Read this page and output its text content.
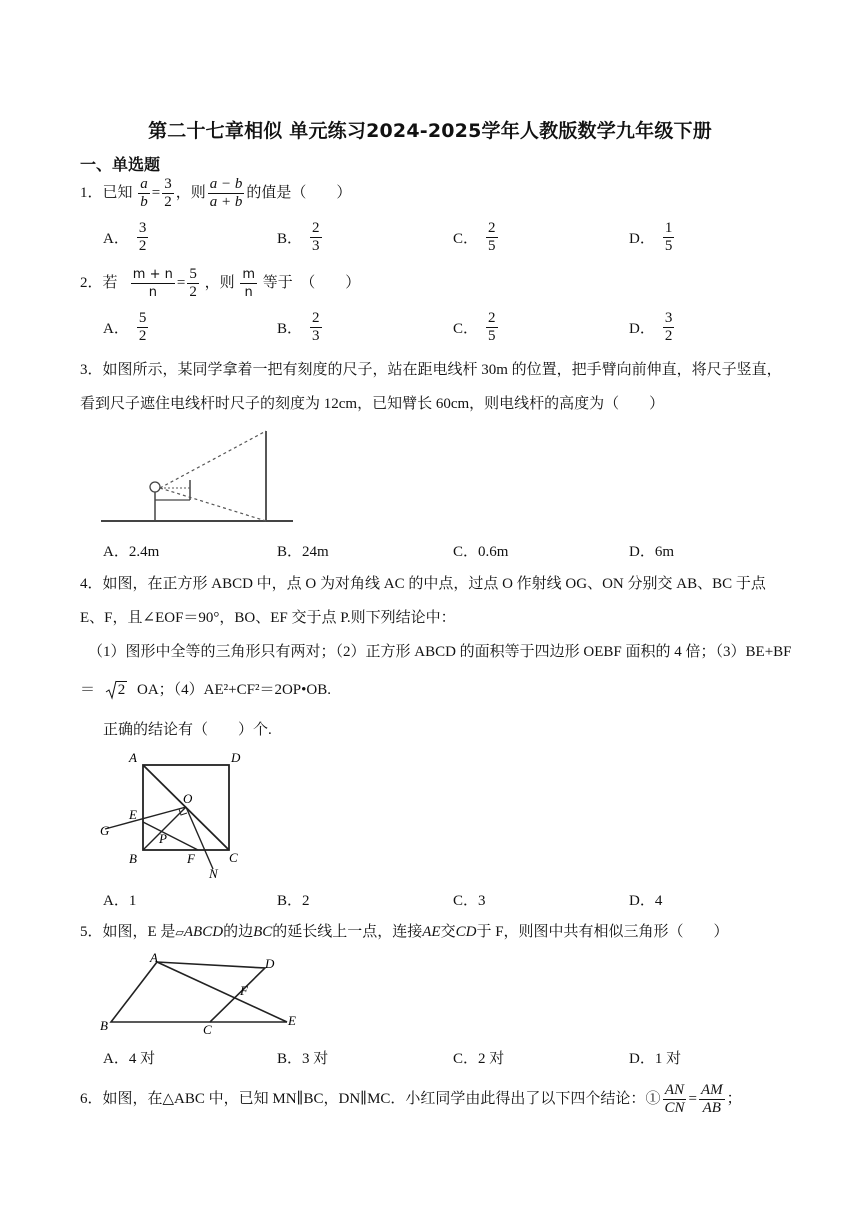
第二十七章相似 单元练习2024-2025学年人教版数学九年级下册
一、单选题
1．已知 $\frac{a}{b} = \frac{3}{2}$ ，则 $\frac{a - b}{a + b}$ 的值是（　　）
A． $\frac{3}{2}$	B． $\frac{2}{3}$	C． $\frac{2}{5}$	D． $\frac{1}{5}$
2．若 $\frac{m + n}{n} = \frac{5}{2}$ ，则 $\frac{m}{n}$ 等于　（　　）
A． $\frac{5}{2}$	B． $\frac{2}{3}$	C． $\frac{2}{5}$	D． $\frac{3}{2}$
3．如图所示，某同学拿着一把有刻度的尺子，站在距电线杆 30m 的位置，把手臂向前伸直，将尺子竖直，
看到尺子遮住电线杆时尺子的刻度为 12cm，已知臂长 60cm，则电线杆的高度为（　　）
A．2.4m	B．24m	C．0.6m	D．6m
4．如图，在正方形 ABCD 中，点 O 为对角线 AC 的中点，过点 O 作射线 OG、ON 分别交 AB、BC 于点
E、F，且∠EOF＝90°，BO、EF 交于点 P.则下列结论中：
（1）图形中全等的三角形只有两对；（2）正方形 ABCD 的面积等于四边形 OEBF 面积的 4 倍；（3）BE+BF
＝ 2 OA；（4）AE²+CF²＝2OP•OB.
正确的结论有（　　）个.
A	D
O
E
G
P
B	F	C
N
A．1	B．2	C．3	D．4
5．如图，E 是▱ABCD的边BC的延长线上一点，连接AE交CD于 F，则图中共有相似三角形（　　）
A	D
F
B	C
E
A．4 对	B．3 对	C．2 对	D．1 对
6．如图，在△ABC 中，已知 MN∥BC，DN∥MC．小红同学由此得出了以下四个结论：① $\frac{AN}{CN} = \frac{AM}{AB}$ ；
